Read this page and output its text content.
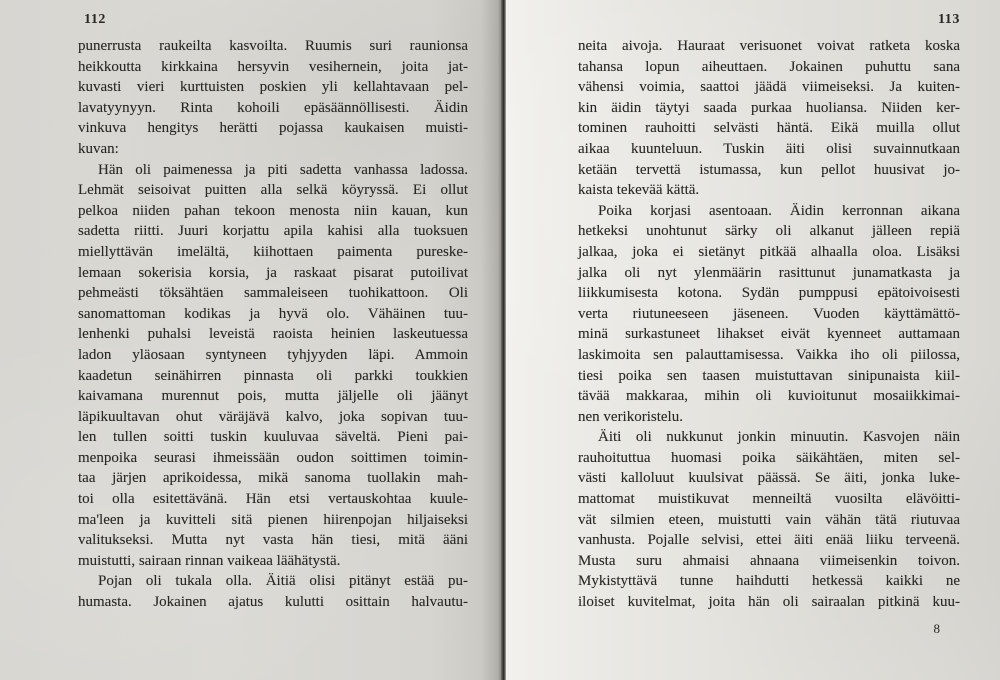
112
punerrusta raukeilta kasvoilta. Ruumis suri raunionsa
heikkoutta kirkkaina hersyvin vesihernein, joita jat-
kuvasti vieri kurttuisten poskien yli kellahtavaan pel-
lavatyynyyn. Rinta kohoili epäsäännöllisesti. Äidin
vinkuva hengitys herätti pojassa kaukaisen muisti-
kuvan:
Hän oli paimenessa ja piti sadetta vanhassa ladossa.
Lehmät seisoivat puitten alla selkä köyryssä. Ei ollut
pelkoa niiden pahan tekoon menosta niin kauan, kun
sadetta riitti. Juuri korjattu apila kahisi alla tuoksuen
miellyttävän imelältä, kiihottaen paimenta pureske-
lemaan sokerisia korsia, ja raskaat pisarat putoilivat
pehmeästi töksähtäen sammaleiseen tuohikattoon. Oli
sanomattoman kodikas ja hyvä olo. Vähäinen tuu-
lenhenki puhalsi leveistä raoista heinien laskeutuessa
ladon yläosaan syntyneen tyhjyyden läpi. Ammoin
kaadetun seinähirren pinnasta oli parkki toukkien
kaivamana murennut pois, mutta jäljelle oli jäänyt
läpikuultavan ohut väräjävä kalvo, joka sopivan tuu-
len tullen soitti tuskin kuuluvaa säveltä. Pieni pai-
menpoika seurasi ihmeissään oudon soittimen toimin-
taa järjen aprikoidessa, mikä sanoma tuollakin mah-
toi olla esitettävänä. Hän etsi vertauskohtaa kuule-
ma'leen ja kuvitteli sitä pienen hiirenpojan hiljaiseksi
valitukseksi. Mutta nyt vasta hän tiesi, mitä ääni
muistutti, sairaan rinnan vaikeaa läähätystä.
Pojan oli tukala olla. Äitiä olisi pitänyt estää pu-
humasta. Jokainen ajatus kulutti osittain halvautu-
113
neita aivoja. Hauraat verisuonet voivat ratketa koska
tahansa lopun aiheuttaen. Jokainen puhuttu sana
vähensi voimia, saattoi jäädä viimeiseksi. Ja kuiten-
kin äidin täytyi saada purkaa huoliansa. Niiden ker-
tominen rauhoitti selvästi häntä. Eikä muilla ollut
aikaa kuunteluun. Tuskin äiti olisi suvainnutkaan
ketään tervettä istumassa, kun pellot huusivat jo-
kaista tekevää kättä.
Poika korjasi asentoaan. Äidin kerronnan aikana
hetkeksi unohtunut särky oli alkanut jälleen repiä
jalkaa, joka ei sietänyt pitkää alhaalla oloa. Lisäksi
jalka oli nyt ylenmäärin rasittunut junamatkasta ja
liikkumisesta kotona. Sydän pumppusi epätoivoisesti
verta riutuneeseen jäseneen. Vuoden käyttämättö-
minä surkastuneet lihakset eivät kyenneet auttamaan
laskimoita sen palauttamisessa. Vaikka iho oli piilossa,
tiesi poika sen taasen muistuttavan sinipunaista kiil-
tävää makkaraa, mihin oli kuvioitunut mosaiikkimai-
nen verikoristelu.
Äiti oli nukkunut jonkin minuutin. Kasvojen näin
rauhoituttua huomasi poika säikähtäen, miten sel-
västi kalloluut kuulsivat päässä. Se äiti, jonka luke-
mattomat muistikuvat menneiltä vuosilta elävöitti-
vät silmien eteen, muistutti vain vähän tätä riutuvaa
vanhusta. Pojalle selvisi, ettei äiti enää liiku terveenä.
Musta suru ahmaisi ahnaana viimeisenkin toivon.
Mykistyttävä tunne haihdutti hetkessä kaikki ne
iloiset kuvitelmat, joita hän oli sairaalan pitkinä kuu-
8
